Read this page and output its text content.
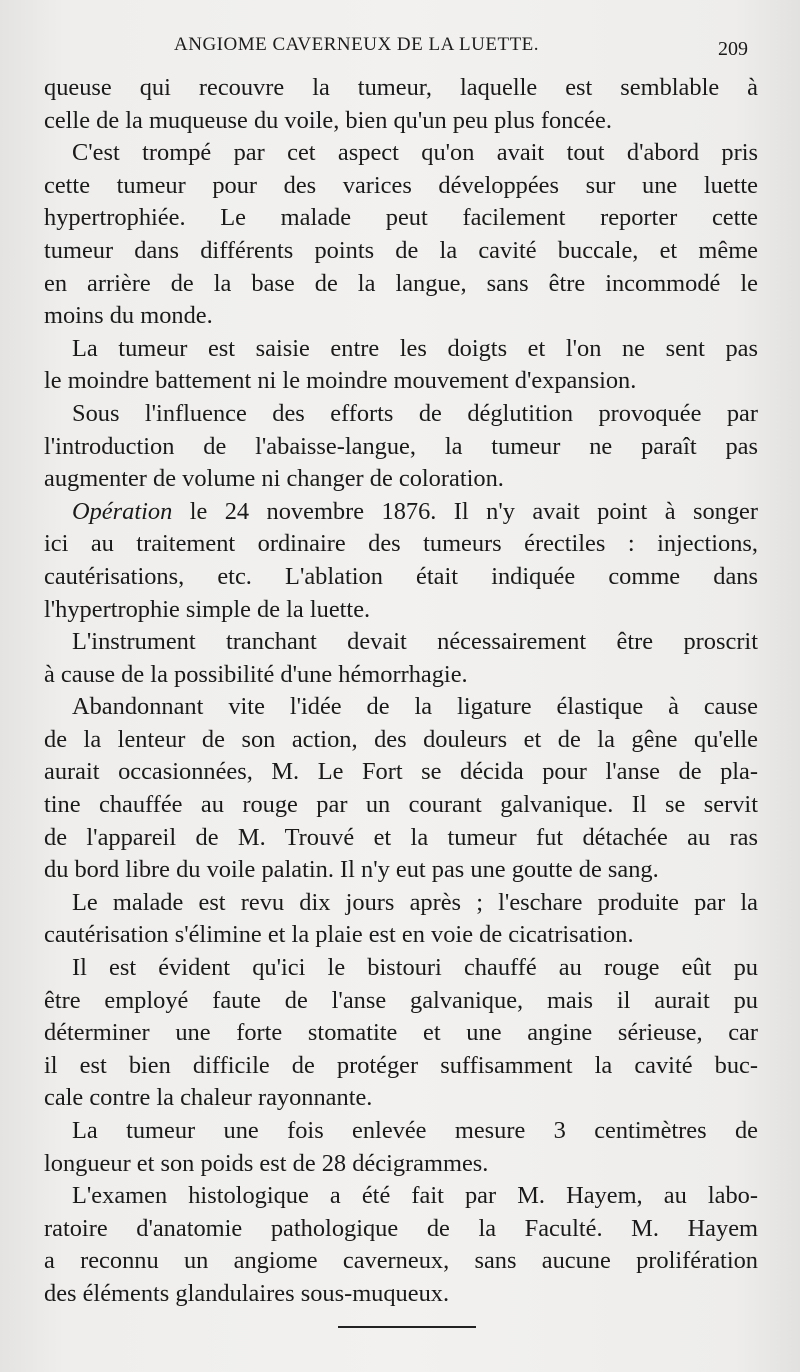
ANGIOME CAVERNEUX DE LA LUETTE.	209
queuse qui recouvre la tumeur, laquelle est semblable à
celle de la muqueuse du voile, bien qu'un peu plus foncée.
C'est trompé par cet aspect qu'on avait tout d'abord pris
cette tumeur pour des varices développées sur une luette
hypertrophiée. Le malade peut facilement reporter cette
tumeur dans différents points de la cavité buccale, et même
en arrière de la base de la langue, sans être incommodé le
moins du monde.
La tumeur est saisie entre les doigts et l'on ne sent pas
le moindre battement ni le moindre mouvement d'expansion.
Sous l'influence des efforts de déglutition provoquée par
l'introduction de l'abaisse-langue, la tumeur ne paraît pas
augmenter de volume ni changer de coloration.
Opération le 24 novembre 1876. Il n'y avait point à songer
ici au traitement ordinaire des tumeurs érectiles : injections,
cautérisations, etc. L'ablation était indiquée comme dans
l'hypertrophie simple de la luette.
L'instrument tranchant devait nécessairement être proscrit
à cause de la possibilité d'une hémorrhagie.
Abandonnant vite l'idée de la ligature élastique à cause
de la lenteur de son action, des douleurs et de la gêne qu'elle
aurait occasionnées, M. Le Fort se décida pour l'anse de pla-
tine chauffée au rouge par un courant galvanique. Il se servit
de l'appareil de M. Trouvé et la tumeur fut détachée au ras
du bord libre du voile palatin. Il n'y eut pas une goutte de sang.
Le malade est revu dix jours après ; l'eschare produite par la
cautérisation s'élimine et la plaie est en voie de cicatrisation.
Il est évident qu'ici le bistouri chauffé au rouge eût pu
être employé faute de l'anse galvanique, mais il aurait pu
déterminer une forte stomatite et une angine sérieuse, car
il est bien difficile de protéger suffisamment la cavité buc-
cale contre la chaleur rayonnante.
La tumeur une fois enlevée mesure 3 centimètres de
longueur et son poids est de 28 décigrammes.
L'examen histologique a été fait par M. Hayem, au labo-
ratoire d'anatomie pathologique de la Faculté. M. Hayem
a reconnu un angiome caverneux, sans aucune prolifération
des éléments glandulaires sous-muqueux.
